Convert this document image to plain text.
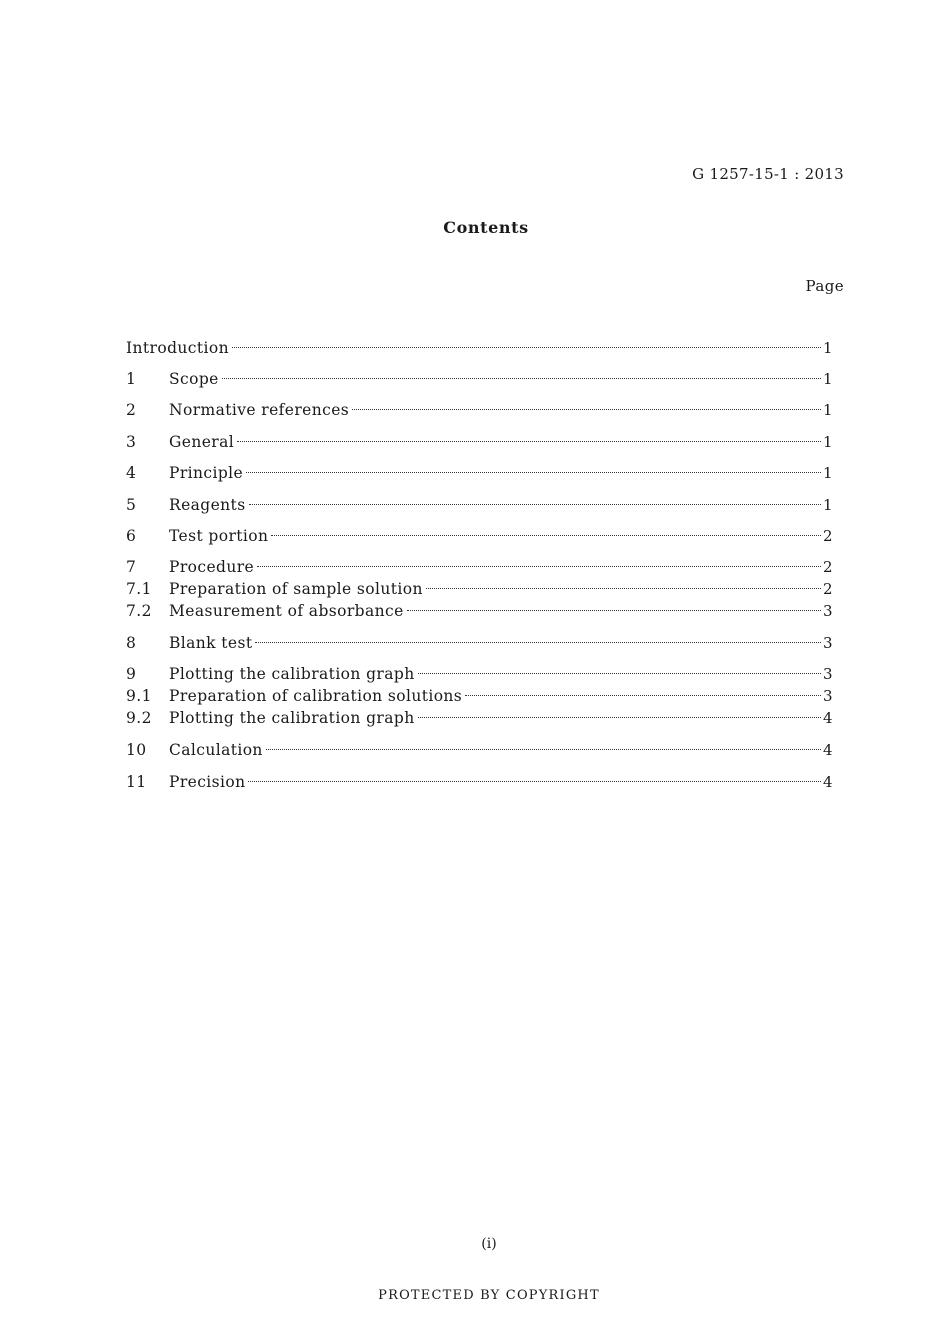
G 1257-15-1 : 2013
Contents
Page
Introduction	1
1 Scope	1
2 Normative references	1
3 General	1
4 Principle	1
5 Reagents	1
6 Test portion	2
7 Procedure	2
7.1 Preparation of sample solution	2
7.2 Measurement of absorbance	3
8 Blank test	3
9 Plotting the calibration graph	3
9.1 Preparation of calibration solutions	3
9.2 Plotting the calibration graph	4
10 Calculation	4
11 Precision	4
(i)
PROTECTED BY COPYRIGHT
